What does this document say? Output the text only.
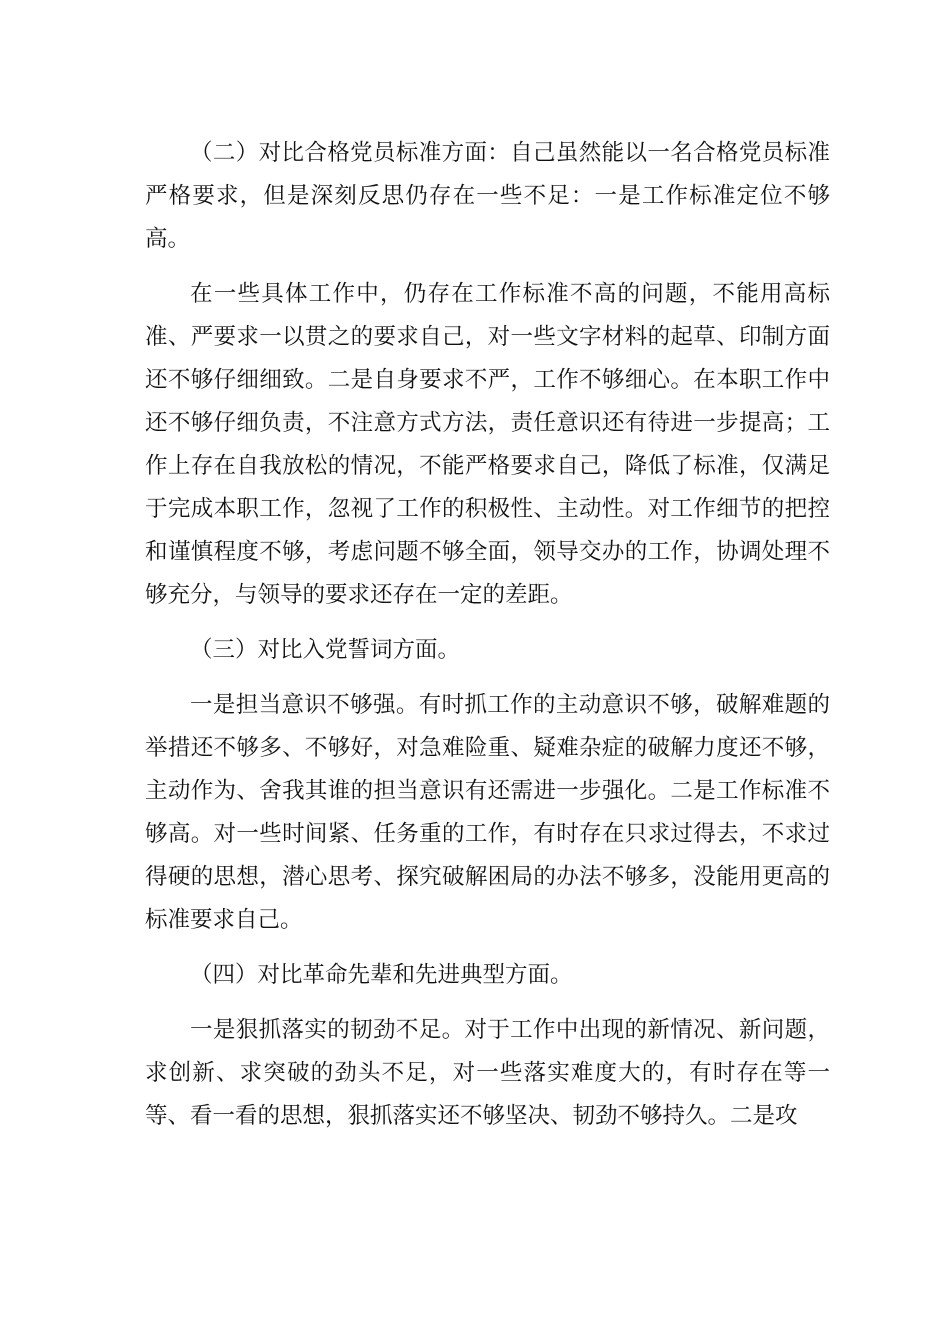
（二）对比合格党员标准方面：自己虽然能以一名合格党员标准严格要求，但是深刻反思仍存在一些不足：一是工作标准定位不够高。

在一些具体工作中，仍存在工作标准不高的问题，不能用高标准、严要求一以贯之的要求自己，对一些文字材料的起草、印制方面还不够仔细细致。二是自身要求不严，工作不够细心。在本职工作中还不够仔细负责，不注意方式方法，责任意识还有待进一步提高；工作上存在自我放松的情况，不能严格要求自己，降低了标准，仅满足于完成本职工作，忽视了工作的积极性、主动性。对工作细节的把控和谨慎程度不够，考虑问题不够全面，领导交办的工作，协调处理不够充分，与领导的要求还存在一定的差距。

（三）对比入党誓词方面。

一是担当意识不够强。有时抓工作的主动意识不够，破解难题的举措还不够多、不够好，对急难险重、疑难杂症的破解力度还不够，主动作为、舍我其谁的担当意识有还需进一步强化。二是工作标准不够高。对一些时间紧、任务重的工作，有时存在只求过得去，不求过得硬的思想，潜心思考、探究破解困局的办法不够多，没能用更高的标准要求自己。

（四）对比革命先辈和先进典型方面。

一是狠抓落实的韧劲不足。对于工作中出现的新情况、新问题，求创新、求突破的劲头不足，对一些落实难度大的，有时存在等一等、看一看的思想，狠抓落实还不够坚决、韧劲不够持久。二是攻
